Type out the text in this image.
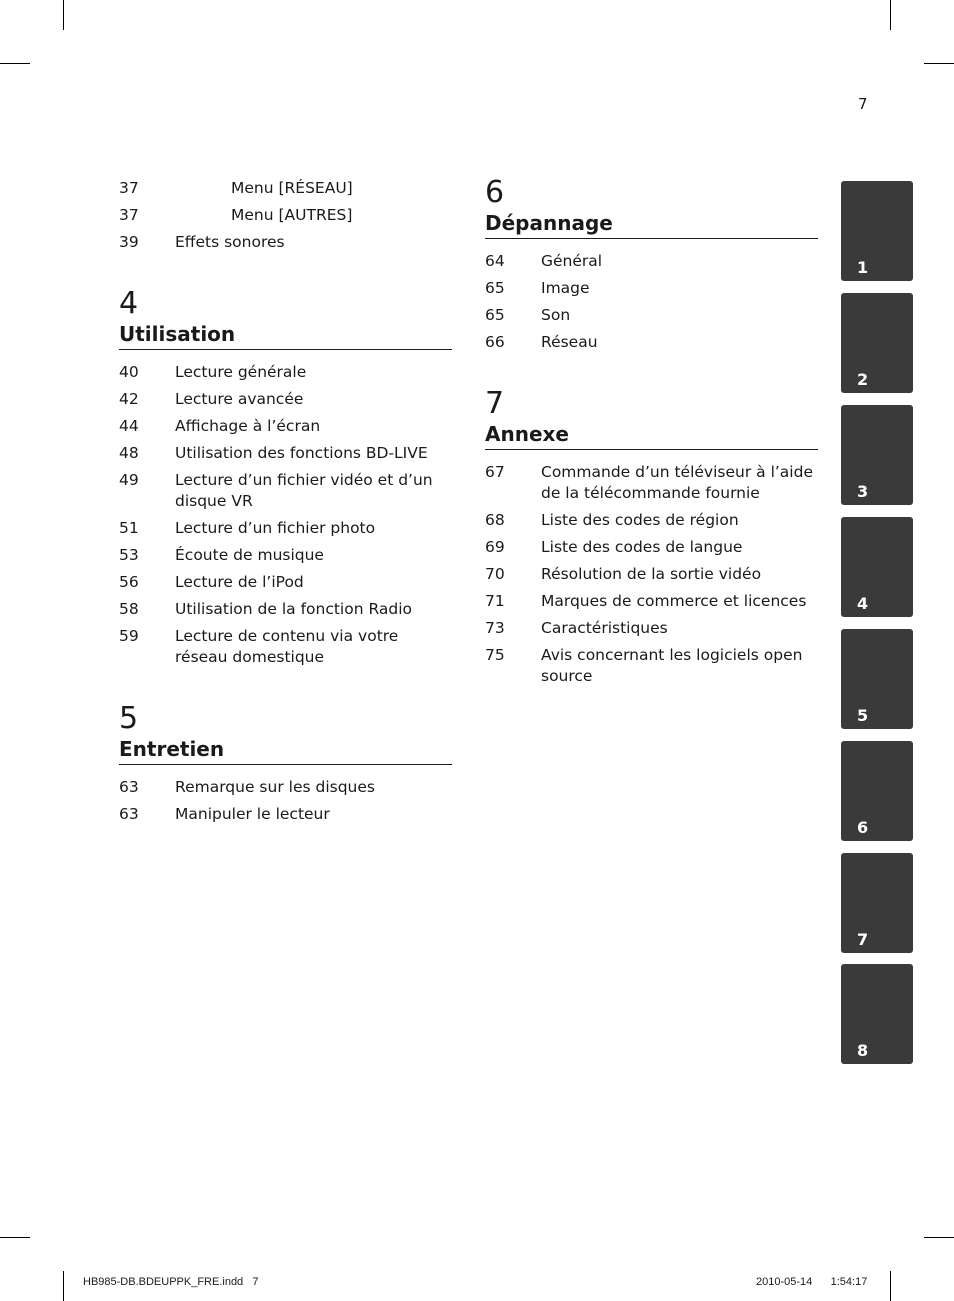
7
37	Menu [RÉSEAU]
37	Menu [AUTRES]
39	Effets sonores
4
Utilisation
40	Lecture générale
42	Lecture avancée
44	Affichage à l’écran
48	Utilisation des fonctions BD-LIVE
49	Lecture d’un fichier vidéo et d’un disque VR
51	Lecture d’un fichier photo
53	Écoute de musique
56	Lecture de l’iPod
58	Utilisation de la fonction Radio
59	Lecture de contenu via votre réseau domestique
5
Entretien
63	Remarque sur les disques
63	Manipuler le lecteur
6
Dépannage
64	Général
65	Image
65	Son
66	Réseau
7
Annexe
67	Commande d’un téléviseur à l’aide de la télécommande fournie
68	Liste des codes de région
69	Liste des codes de langue
70	Résolution de la sortie vidéo
71	Marques de commerce et licences
73	Caractéristiques
75	Avis concernant les logiciels open source
1
2
3
4
5
6
7
8
HB985-DB.BDEUPPK_FRE.indd   7	2010-05-14      1:54:17
